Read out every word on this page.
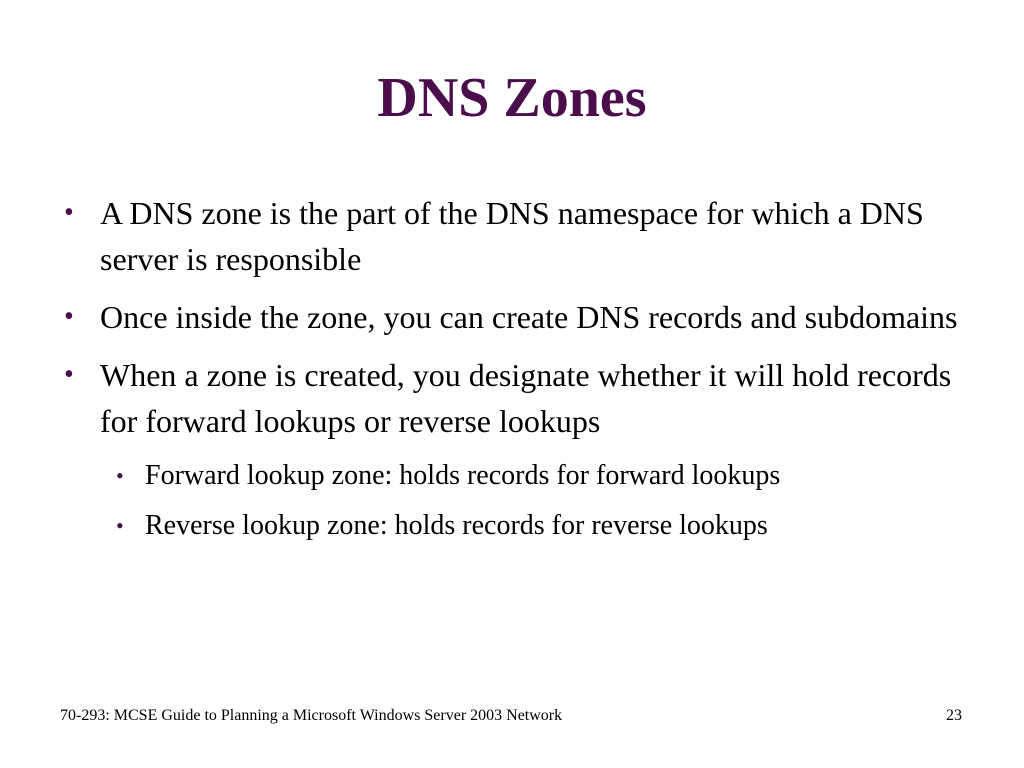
DNS Zones
• A DNS zone is the part of the DNS namespace for which a DNS server is responsible
• Once inside the zone, you can create DNS records and subdomains
• When a zone is created, you designate whether it will hold records for forward lookups or reverse lookups
• Forward lookup zone: holds records for forward lookups
• Reverse lookup zone: holds records for reverse lookups
70-293: MCSE Guide to Planning a Microsoft Windows Server 2003 Network	23
